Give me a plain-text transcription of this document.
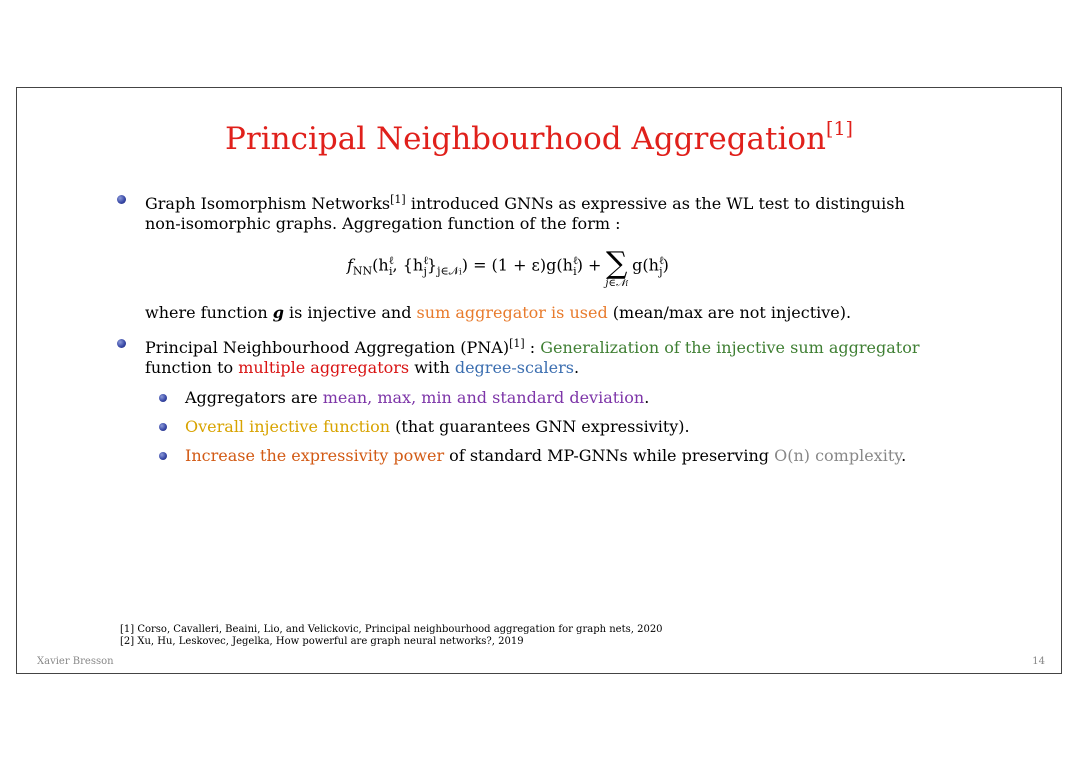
Principal Neighbourhood Aggregation[1]
Graph Isomorphism Networks[1] introduced GNNs as expressive as the WL test to distinguish
non-isomorphic graphs. Aggregation function of the form :
$f_{NN}(h^\ell_i$, $\{h^\ell_j\}_{j\in 𝒩i}) = (1 + \varepsilon)g(h^\ell_i)$ + ∑
j∈𝒩i
$g(h^\ell_j)$
where function g is injective and sum aggregator is used (mean/max are not injective).
Principal Neighbourhood Aggregation (PNA)[1] : Generalization of the injective sum aggregator
function to multiple aggregators with degree-scalers.
Aggregators are mean, max, min and standard deviation.
Overall injective function (that guarantees GNN expressivity).
Increase the expressivity power of standard MP-GNNs while preserving O(n) complexity.
[1] Corso, Cavalleri, Beaini, Lio, and Velickovic, Principal neighbourhood aggregation for graph nets, 2020
[2] Xu, Hu, Leskovec, Jegelka, How powerful are graph neural networks?, 2019
Xavier Bresson	14
